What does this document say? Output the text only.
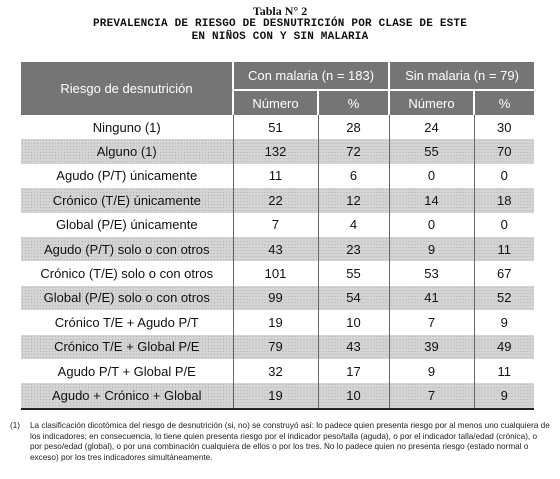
Tabla N° 2
PREVALENCIA DE RIESGO DE DESNUTRICIÓN POR CLASE DE ESTE
EN NIÑOS CON Y SIN MALARIA
Riesgo de desnutrición	Con malaria (n = 183)		Sin malaria (n = 79)	
	Número	%	Número	%
Ninguno (1)	51	28	24	30
Alguno (1)	132	72	55	70
Agudo (P/T) únicamente	11	6	0	0
Crónico (T/E) únicamente	22	12	14	18
Global (P/E) únicamente	7	4	0	0
Agudo (P/T) solo o con otros	43	23	9	11
Crónico (T/E) solo o con otros	101	55	53	67
Global (P/E) solo o con otros	99	54	41	52
Crónico T/E + Agudo P/T	19	10	7	9
Crónico T/E + Global P/E	79	43	39	49
Agudo P/T + Global P/E	32	17	9	11
Agudo + Crónico + Global	19	10	7	9
(1)	La clasificación dicotómica del riesgo de desnutrición (si, no) se construyó así: lo padece quien presenta riesgo por al menos uno cualquiera de los indicadores; en consecuencia, lo tiene quien presenta riesgo por el indicador peso/talla (aguda), o por el indicador talla/edad (crónica), o por peso/edad (global), o por una combinación cualquiera de ellos o por los tres. No lo padece quien no presenta riesgo (estado normal o exceso) por los tres indicadores simultáneamente.
